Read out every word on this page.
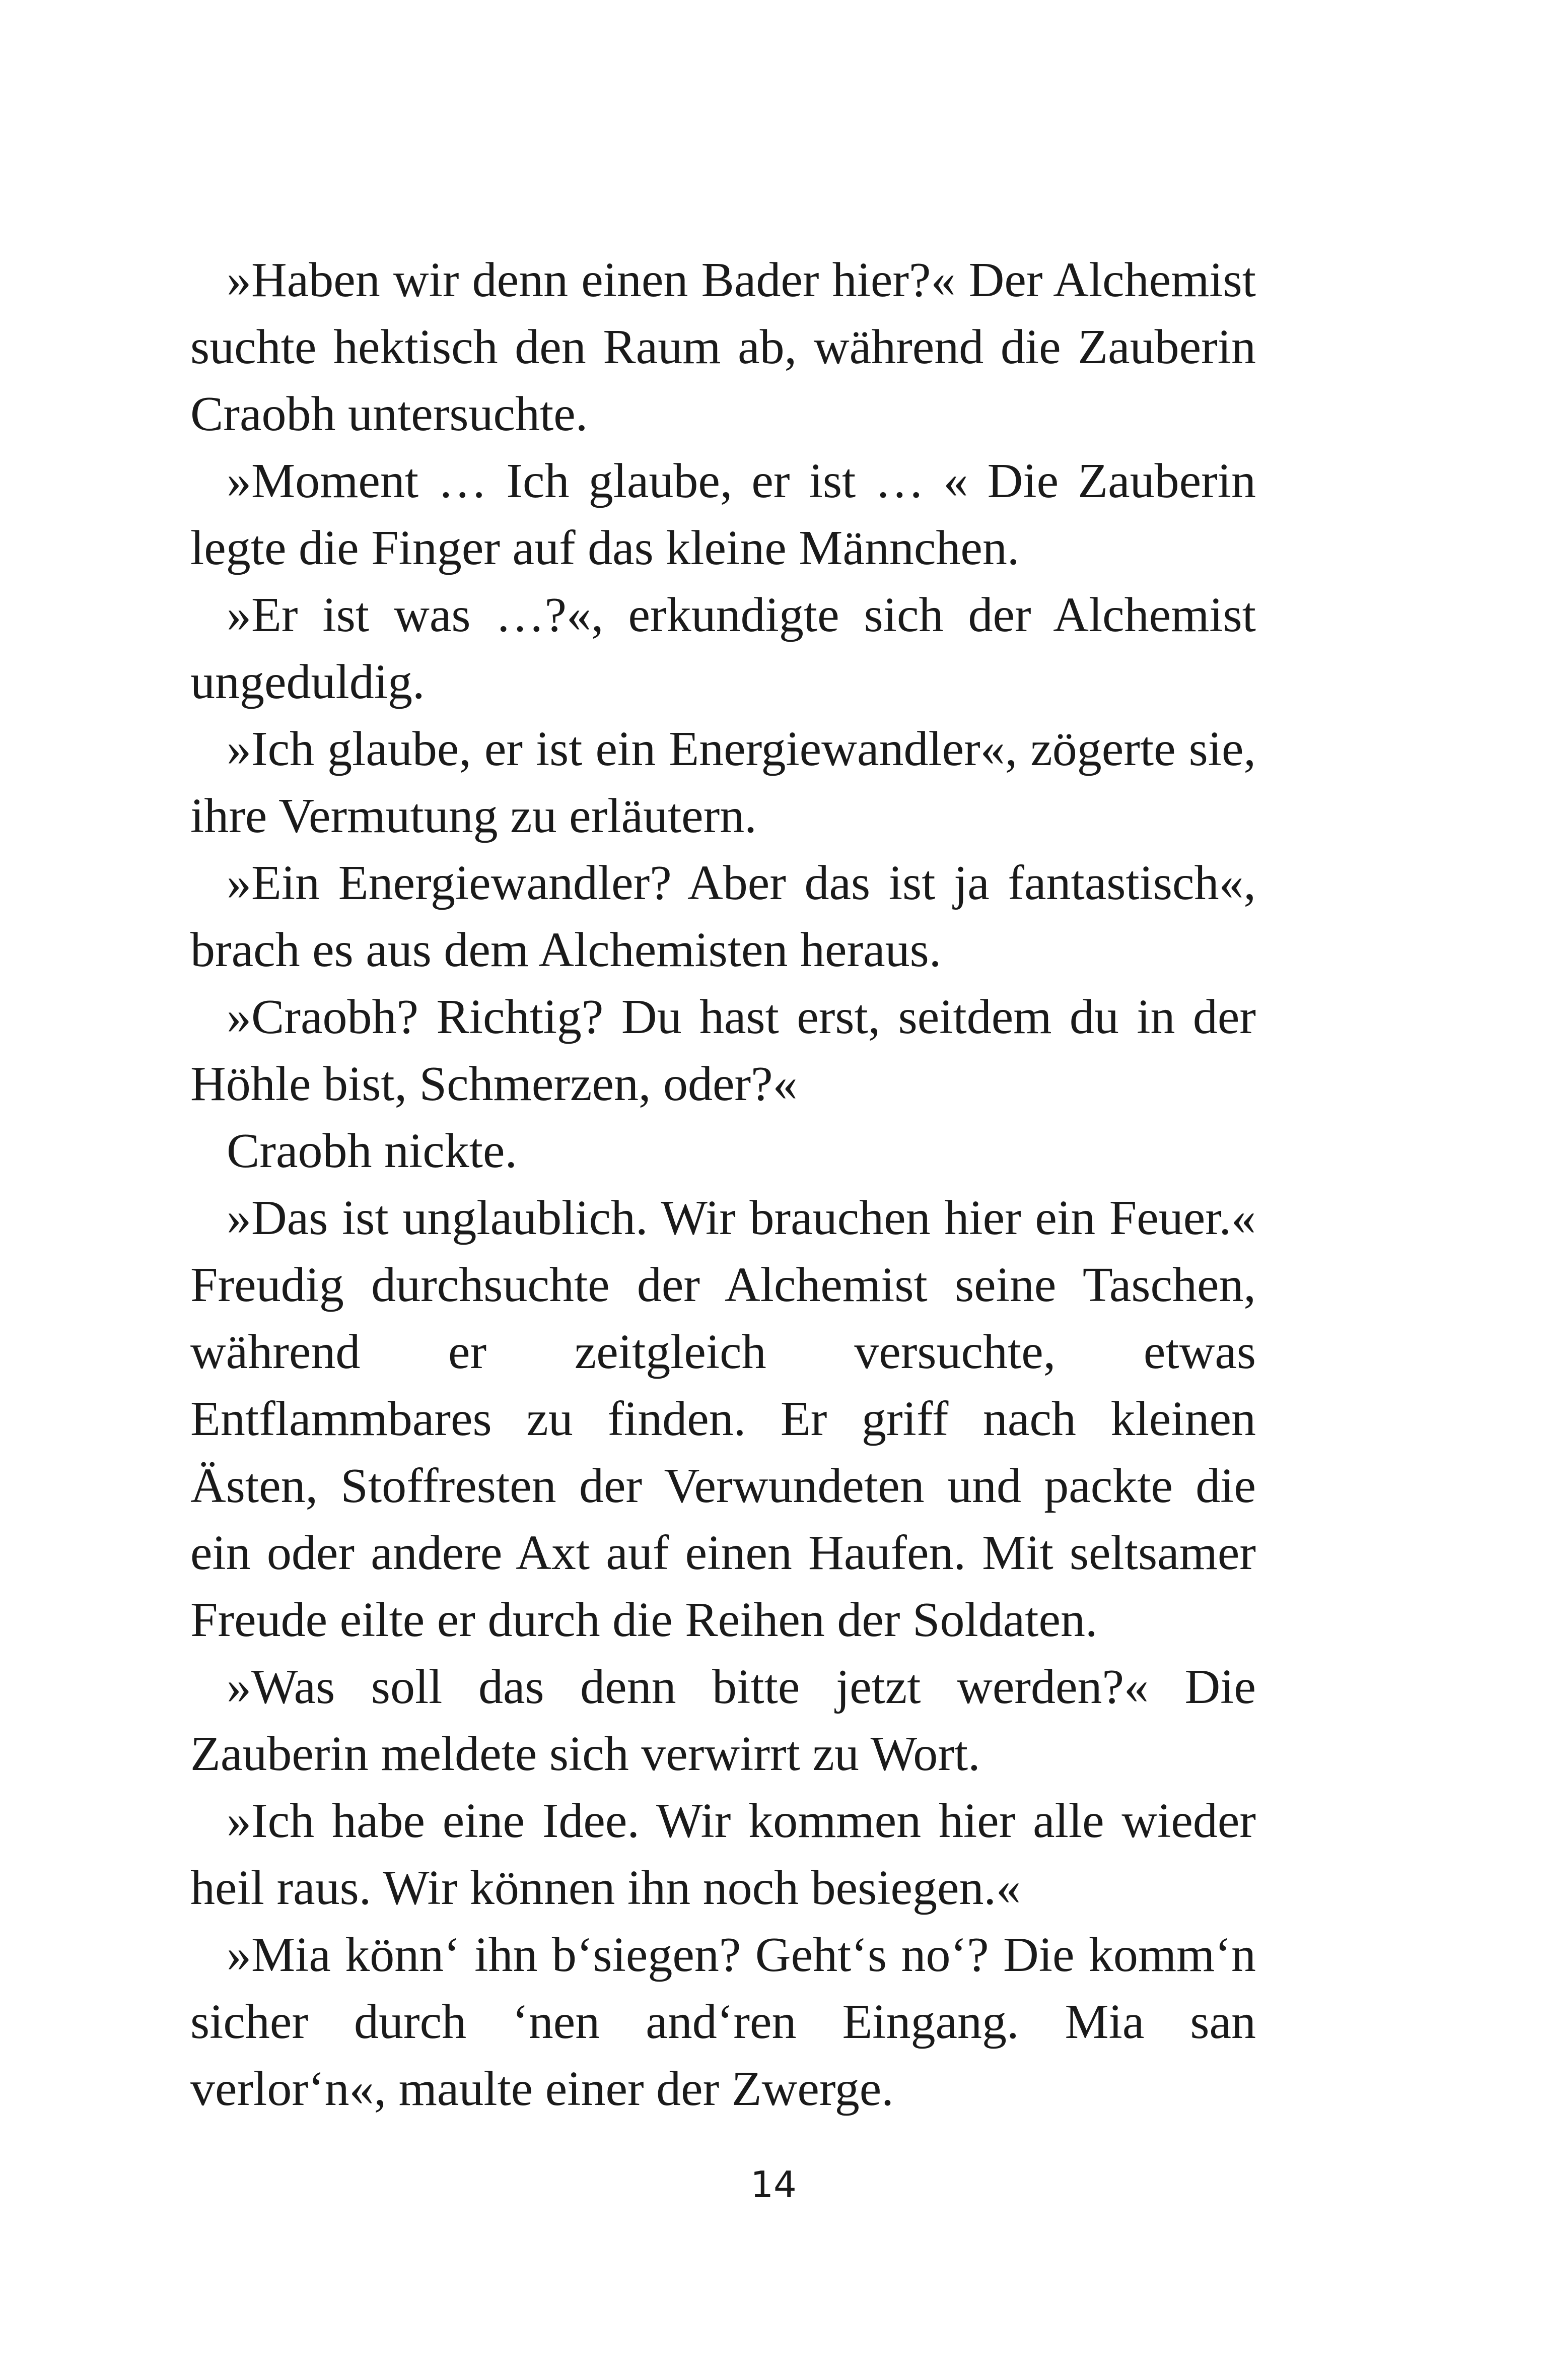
»Haben wir denn einen Bader hier?« Der Alchemist suchte hektisch den Raum ab, während die Zauberin Craobh untersuchte.

»Moment … Ich glaube, er ist … « Die Zauberin legte die Finger auf das kleine Männchen.

»Er ist was …?«, erkundigte sich der Alchemist ungeduldig.

»Ich glaube, er ist ein Energiewandler«, zögerte sie, ihre Vermutung zu erläutern.

»Ein Energiewandler? Aber das ist ja fantastisch«, brach es aus dem Alchemisten heraus.

»Craobh? Richtig? Du hast erst, seitdem du in der Höhle bist, Schmerzen, oder?«

Craobh nickte.

»Das ist unglaublich. Wir brauchen hier ein Feuer.« Freudig durchsuchte der Alchemist seine Taschen, während er zeitgleich versuchte, etwas Entflammbares zu finden. Er griff nach kleinen Ästen, Stoffresten der Verwundeten und packte die ein oder andere Axt auf einen Haufen. Mit seltsamer Freude eilte er durch die Reihen der Soldaten.

»Was soll das denn bitte jetzt werden?« Die Zauberin meldete sich verwirrt zu Wort.

»Ich habe eine Idee. Wir kommen hier alle wieder heil raus. Wir können ihn noch besiegen.«

»Mia könn‘ ihn b‘siegen? Geht‘s no‘? Die komm‘n sicher durch ‘nen and‘ren Eingang. Mia san verlor‘n«, maulte einer der Zwerge.

14
